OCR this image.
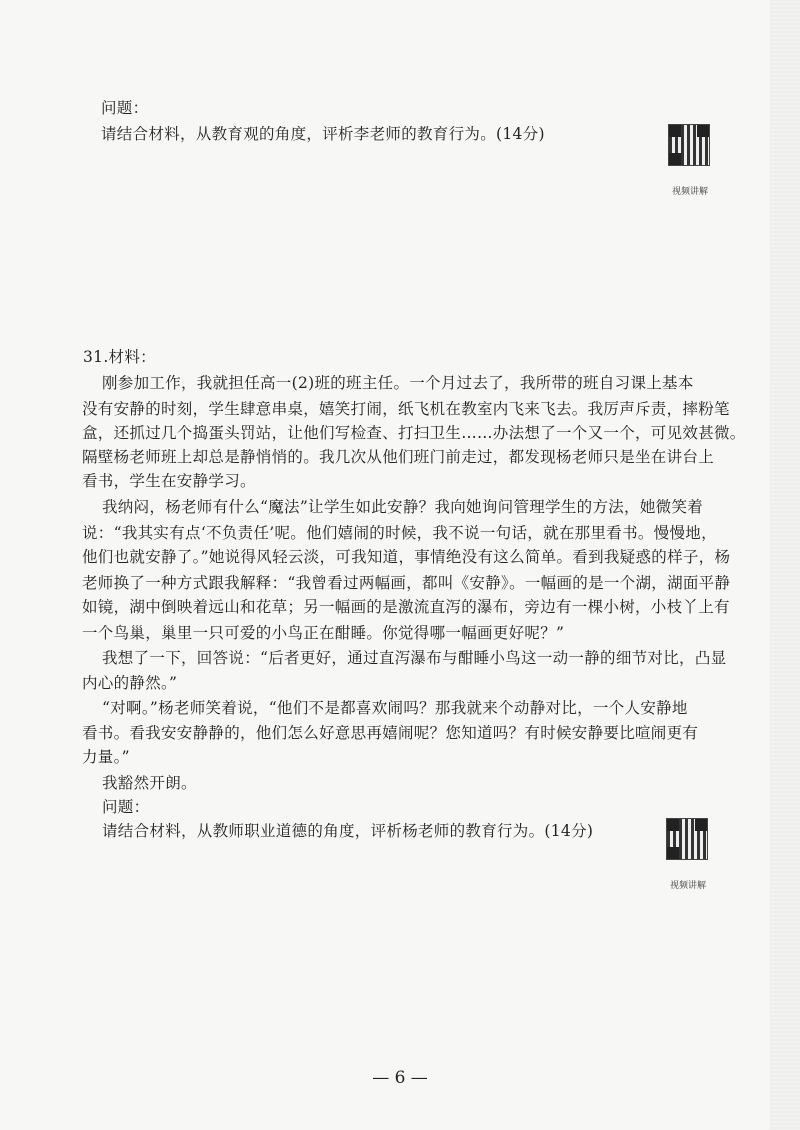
问题：
请结合材料，从教育观的角度，评析李老师的教育行为。(14分)
视频讲解
31.材料：
刚参加工作，我就担任高一(2)班的班主任。一个月过去了，我所带的班自习课上基本
没有安静的时刻，学生肆意串桌，嬉笑打闹，纸飞机在教室内飞来飞去。我厉声斥责，摔粉笔
盒，还抓过几个捣蛋头罚站，让他们写检查、打扫卫生……办法想了一个又一个，可见效甚微。
隔壁杨老师班上却总是静悄悄的。我几次从他们班门前走过，都发现杨老师只是坐在讲台上
看书，学生在安静学习。
我纳闷，杨老师有什么“魔法”让学生如此安静？我向她询问管理学生的方法，她微笑着
说：“我其实有点‘不负责任’呢。他们嬉闹的时候，我不说一句话，就在那里看书。慢慢地，
他们也就安静了。”她说得风轻云淡，可我知道，事情绝没有这么简单。看到我疑惑的样子，杨
老师换了一种方式跟我解释：“我曾看过两幅画，都叫《安静》。一幅画的是一个湖，湖面平静
如镜，湖中倒映着远山和花草；另一幅画的是激流直泻的瀑布，旁边有一棵小树，小枝丫上有
一个鸟巢，巢里一只可爱的小鸟正在酣睡。你觉得哪一幅画更好呢？”
我想了一下，回答说：“后者更好，通过直泻瀑布与酣睡小鸟这一动一静的细节对比，凸显
内心的静然。”
“对啊。”杨老师笑着说，“他们不是都喜欢闹吗？那我就来个动静对比，一个人安静地
看书。看我安安静静的，他们怎么好意思再嬉闹呢？您知道吗？有时候安静要比喧闹更有
力量。”
我豁然开朗。
问题：
请结合材料，从教师职业道德的角度，评析杨老师的教育行为。(14分)
视频讲解
— 6 —
